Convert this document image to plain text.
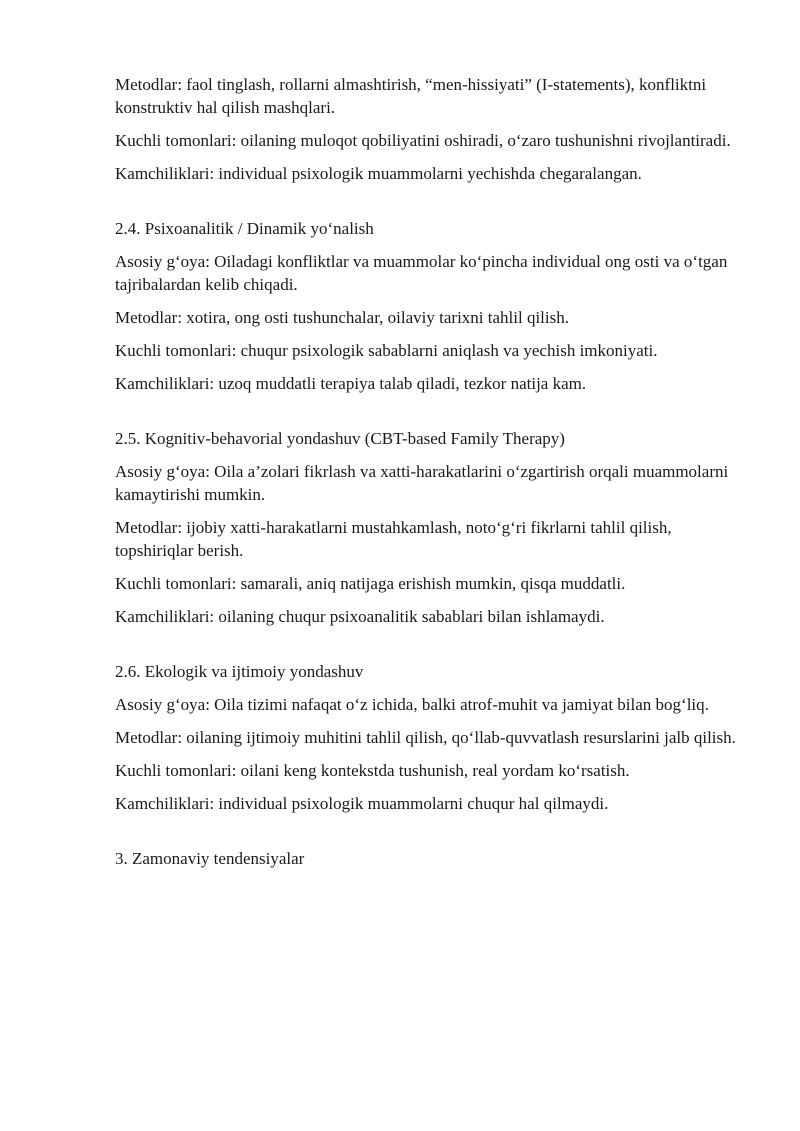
Metodlar: faol tinglash, rollarni almashtirish, “men-hissiyati” (I-statements), konfliktni konstruktiv hal qilish mashqlari.

Kuchli tomonlari: oilaning muloqot qobiliyatini oshiradi, o‘zaro tushunishni rivojlantiradi.

Kamchiliklari: individual psixologik muammolarni yechishda chegaralangan.

2.4. Psixoanalitik / Dinamik yo‘nalish

Asosiy g‘oya: Oiladagi konfliktlar va muammolar ko‘pincha individual ong osti va o‘tgan tajribalardan kelib chiqadi.

Metodlar: xotira, ong osti tushunchalar, oilaviy tarixni tahlil qilish.

Kuchli tomonlari: chuqur psixologik sabablarni aniqlash va yechish imkoniyati.

Kamchiliklari: uzoq muddatli terapiya talab qiladi, tezkor natija kam.

2.5. Kognitiv-behavorial yondashuv (CBT-based Family Therapy)

Asosiy g‘oya: Oila a’zolari fikrlash va xatti-harakatlarini o‘zgartirish orqali muammolarni kamaytirishi mumkin.

Metodlar: ijobiy xatti-harakatlarni mustahkamlash, noto‘g‘ri fikrlarni tahlil qilish, topshiriqlar berish.

Kuchli tomonlari: samarali, aniq natijaga erishish mumkin, qisqa muddatli.

Kamchiliklari: oilaning chuqur psixoanalitik sabablari bilan ishlamaydi.

2.6. Ekologik va ijtimoiy yondashuv

Asosiy g‘oya: Oila tizimi nafaqat o‘z ichida, balki atrof-muhit va jamiyat bilan bog‘liq.

Metodlar: oilaning ijtimoiy muhitini tahlil qilish, qo‘llab-quvvatlash resurslarini jalb qilish.

Kuchli tomonlari: oilani keng kontekstda tushunish, real yordam ko‘rsatish.

Kamchiliklari: individual psixologik muammolarni chuqur hal qilmaydi.

3. Zamonaviy tendensiyalar
